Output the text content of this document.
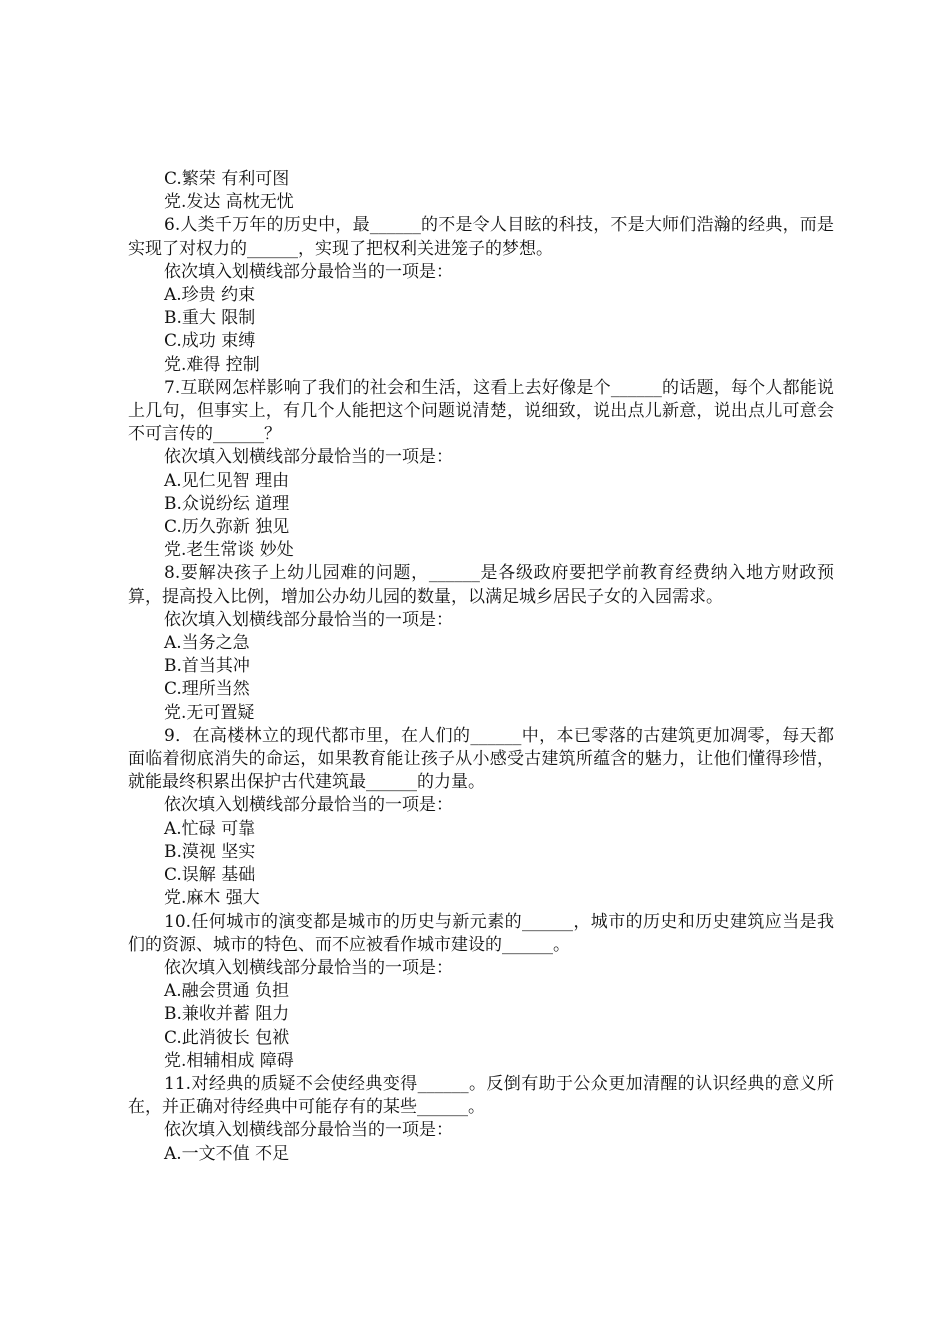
C.繁荣 有利可图

党.发达 高枕无忧

6.人类千万年的历史中，最______的不是令人目眩的科技，不是大师们浩瀚的经典，而是实现了对权力的______，实现了把权利关进笼子的梦想。

依次填入划横线部分最恰当的一项是：

A.珍贵 约束

B.重大 限制

C.成功 束缚

党.难得 控制

7.互联网怎样影响了我们的社会和生活，这看上去好像是个______的话题，每个人都能说上几句，但事实上，有几个人能把这个问题说清楚，说细致，说出点儿新意，说出点儿可意会不可言传的______？

依次填入划横线部分最恰当的一项是：

A.见仁见智 理由

B.众说纷纭 道理

C.历久弥新 独见

党.老生常谈 妙处

8.要解决孩子上幼儿园难的问题，______是各级政府要把学前教育经费纳入地方财政预算，提高投入比例，增加公办幼儿园的数量，以满足城乡居民子女的入园需求。

依次填入划横线部分最恰当的一项是：

A.当务之急

B.首当其冲

C.理所当然

党.无可置疑

9．在高楼林立的现代都市里，在人们的______中，本已零落的古建筑更加凋零，每天都面临着彻底消失的命运，如果教育能让孩子从小感受古建筑所蕴含的魅力，让他们懂得珍惜，就能最终积累出保护古代建筑最______的力量。

依次填入划横线部分最恰当的一项是：

A.忙碌 可靠

B.漠视 坚实

C.误解 基础

党.麻木 强大

10.任何城市的演变都是城市的历史与新元素的______，城市的历史和历史建筑应当是我们的资源、城市的特色、而不应被看作城市建设的______。

依次填入划横线部分最恰当的一项是：

A.融会贯通 负担

B.兼收并蓄 阻力

C.此消彼长 包袱

党.相辅相成 障碍

11.对经典的质疑不会使经典变得______。反倒有助于公众更加清醒的认识经典的意义所在，并正确对待经典中可能存有的某些______。

依次填入划横线部分最恰当的一项是：

A.一文不值 不足
